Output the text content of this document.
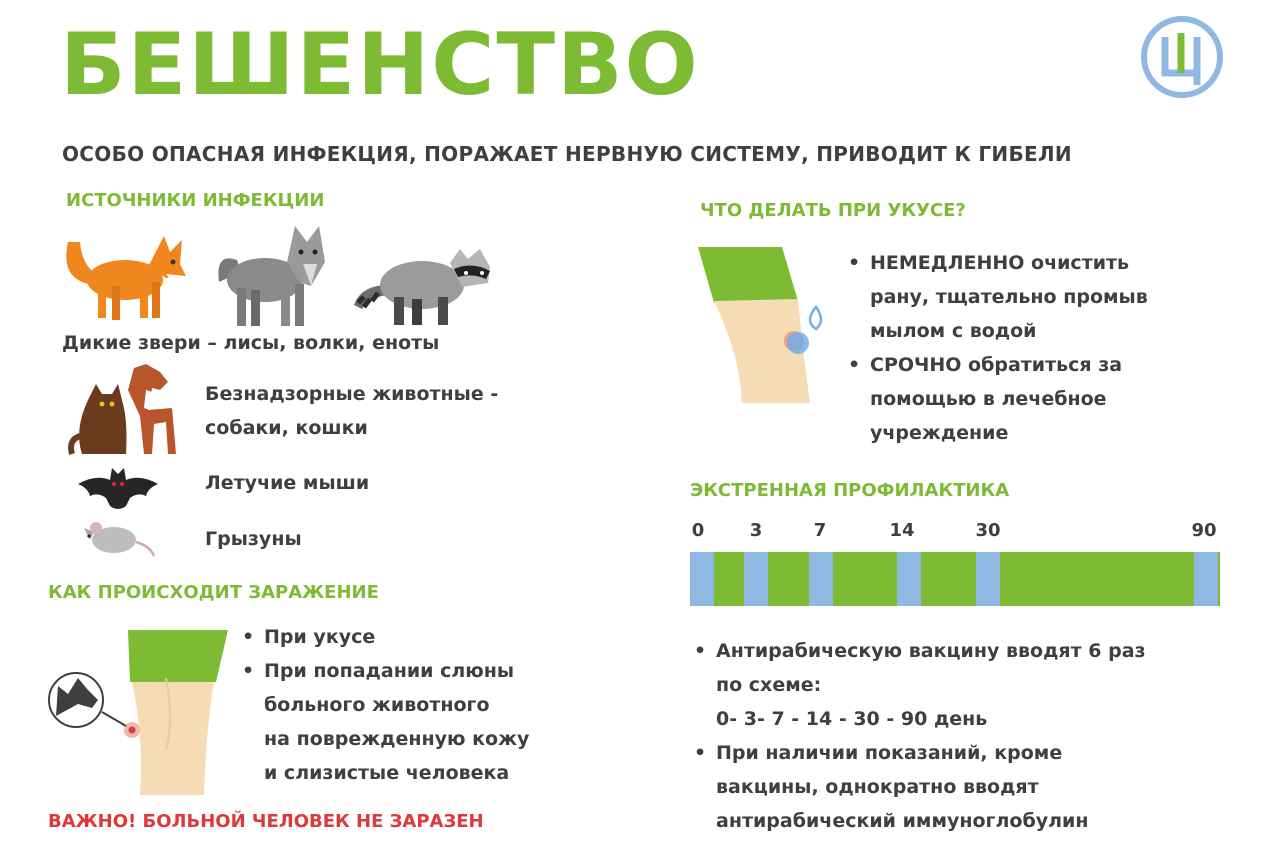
БЕШЕНСТВО
ОСОБО ОПАСНАЯ ИНФЕКЦИЯ, ПОРАЖАЕТ НЕРВНУЮ СИСТЕМУ, ПРИВОДИТ К ГИБЕЛИ
ИСТОЧНИКИ ИНФЕКЦИИ
Дикие звери – лисы, волки, еноты
Безнадзорные животные -
собаки, кошки
Летучие мыши
Грызуны
КАК ПРОИСХОДИТ ЗАРАЖЕНИЕ
• При укусе
• При попадании слюны
больного животного
на поврежденную кожу
и слизистые человека
ВАЖНО! БОЛЬНОЙ ЧЕЛОВЕК НЕ ЗАРАЗЕН
ЧТО ДЕЛАТЬ ПРИ УКУСЕ?
• НЕМЕДЛЕННО очистить
рану, тщательно промыв
мылом с водой
• СРОЧНО обратиться за
помощью в лечебное
учреждение
ЭКСТРЕННАЯ ПРОФИЛАКТИКА
0	3	7	14	30	90
• Антирабическую вакцину вводят 6 раз
по схеме:
0- 3- 7 - 14 - 30 - 90 день
• При наличии показаний, кроме
вакцины, однократно вводят
антирабический иммуноглобулин
